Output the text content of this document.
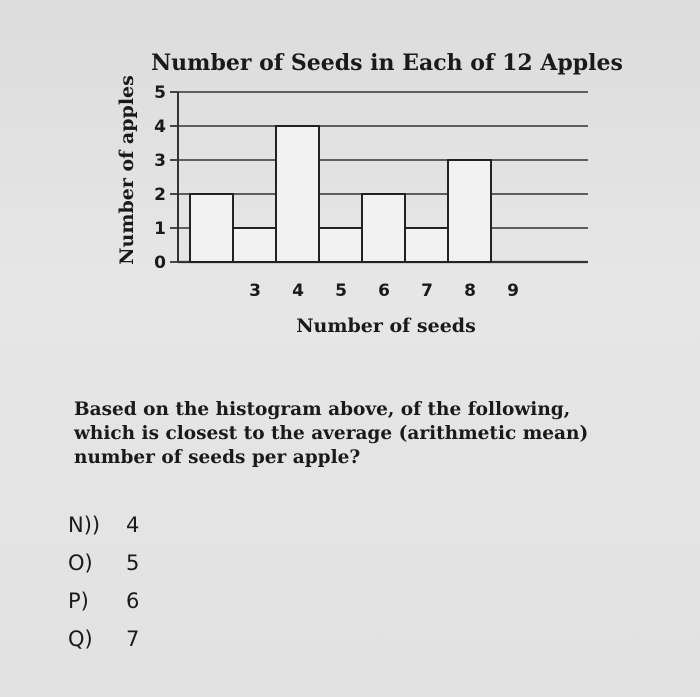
0
1
2
3
4
5
3 4 5 6 7 8 9
Number of Seeds in Each of 12 Apples
Number of seeds
Number of apples
Based on the histogram above, of the following, which is closest to the average (arithmetic mean) number of seeds per apple?
N))	4
O)	5
P)	6
Q)	7
